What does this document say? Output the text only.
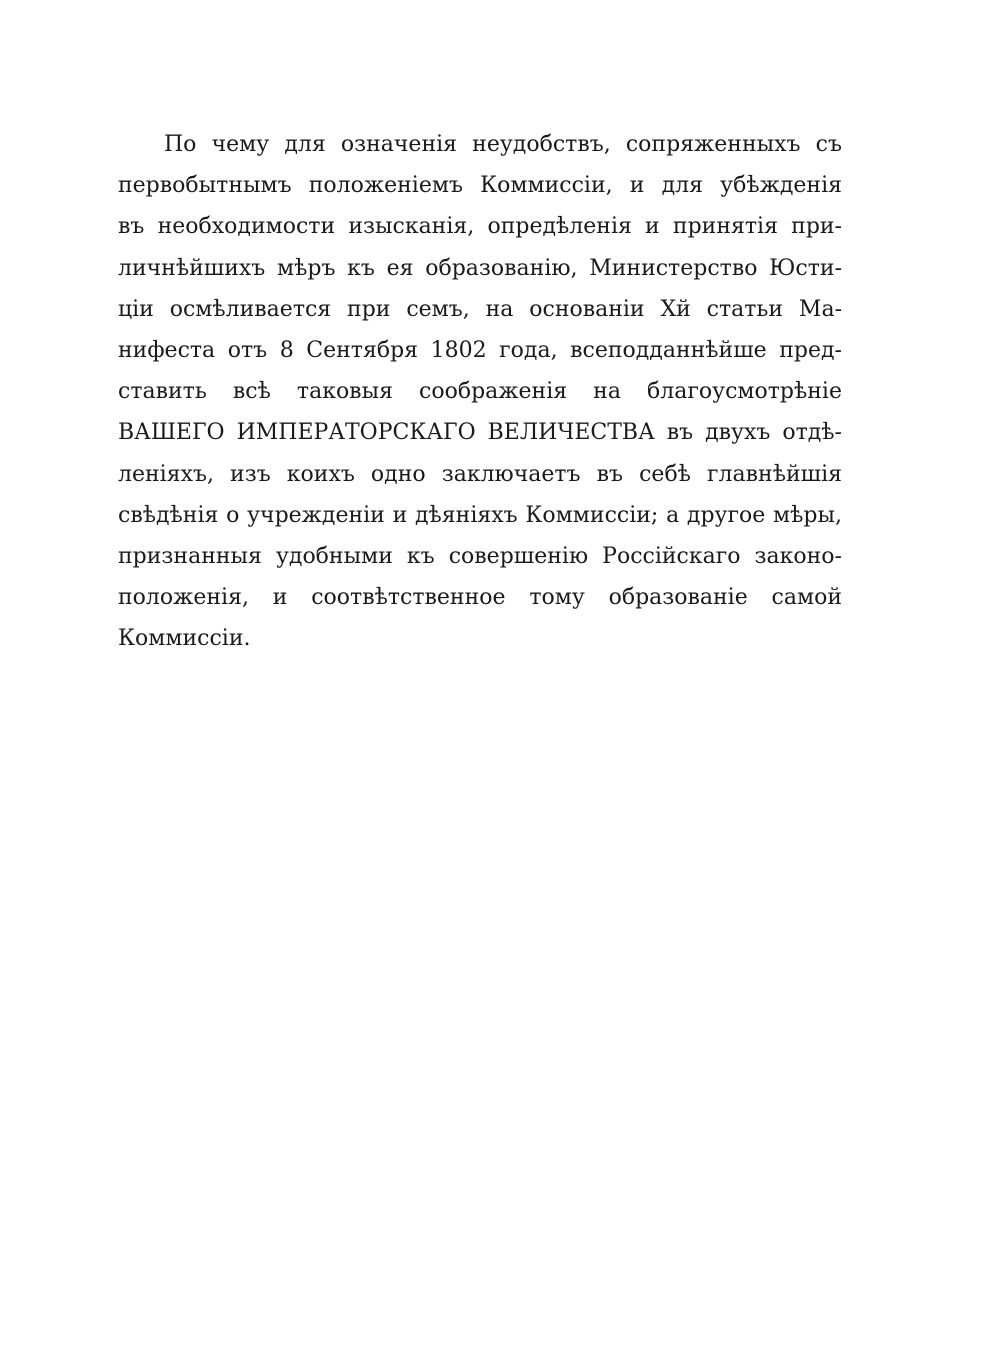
По чему для означенія неудобствъ, сопряженныхъ съ
первобытнымъ положеніемъ Коммиссіи, и для убѣжденія
въ необходимости изысканія, опредѣленія и принятія при-
личнѣйшихъ мѣръ къ ея образованію, Министерство Юсти-
ціи осмѣливается при семъ, на основаніи Xй статьи Ма-
нифеста отъ 8 Сентября 1802 года, всеподданнѣйше пред-
ставить всѣ таковыя соображенія на благоусмотрѣніе
ВАШЕГО ИМПЕРАТОРСКАГО ВЕЛИЧЕСТВА въ двухъ отдѣ-
леніяхъ, изъ коихъ одно заключаетъ въ себѣ главнѣйшія
свѣдѣнія о учрежденіи и дѣяніяхъ Коммиссіи; а другое мѣры,
признанныя удобными къ совершенію Россійскаго законо-
положенія, и соотвѣтственное тому образованіе самой
Коммиссіи.
